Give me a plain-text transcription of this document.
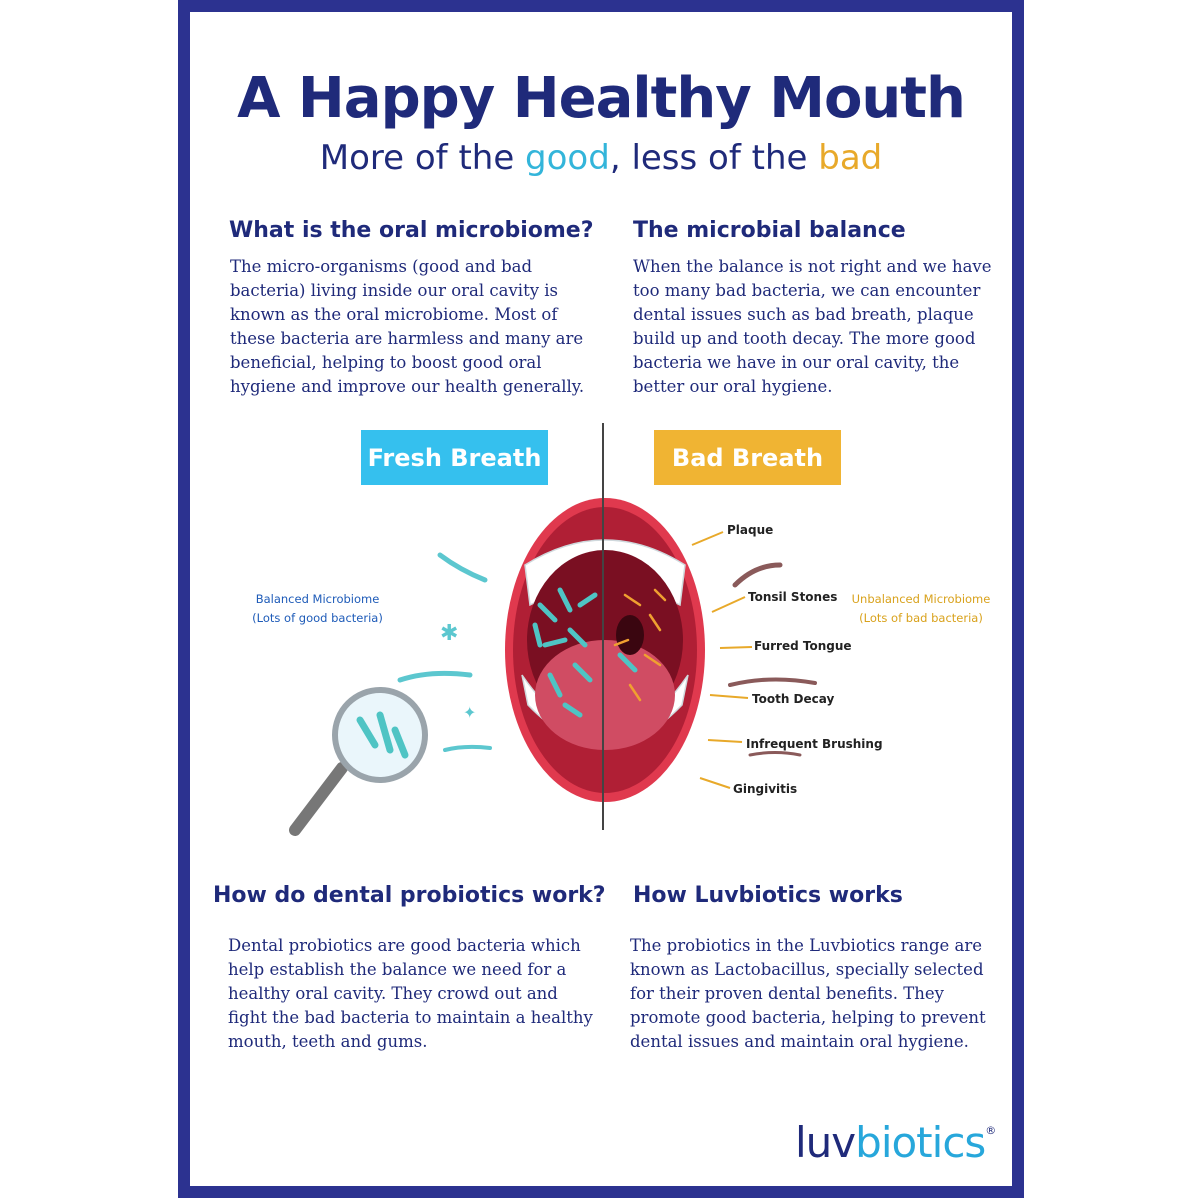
A Happy Healthy Mouth

More of the good, less of the bad

What is the oral microbiome?

The micro-organisms (good and bad bacteria) living inside our oral cavity is known as the oral microbiome. Most of these bacteria are harmless and many are beneficial, helping to boost good oral hygiene and improve our health generally.

The microbial balance

When the balance is not right and we have too many bad bacteria, we can encounter dental issues such as bad breath, plaque build up and tooth decay. The more good bacteria we have in our oral cavity, the better our oral hygiene.

Fresh Breath	Bad Breath
✱
✦
Balanced Microbiome
(Lots of good bacteria)
Unbalanced Microbiome
(Lots of bad bacteria)
Plaque
Tonsil Stones
Furred Tongue
Tooth Decay
Infrequent Brushing
Gingivitis
How do dental probiotics work?

Dental probiotics are good bacteria which help establish the balance we need for a healthy oral cavity. They crowd out and fight the bad bacteria to maintain a healthy mouth, teeth and gums.

How Luvbiotics works

The probiotics in the Luvbiotics range are known as Lactobacillus, specially selected for their proven dental benefits. They promote good bacteria, helping to prevent dental issues and maintain oral hygiene.

luvbiotics®
